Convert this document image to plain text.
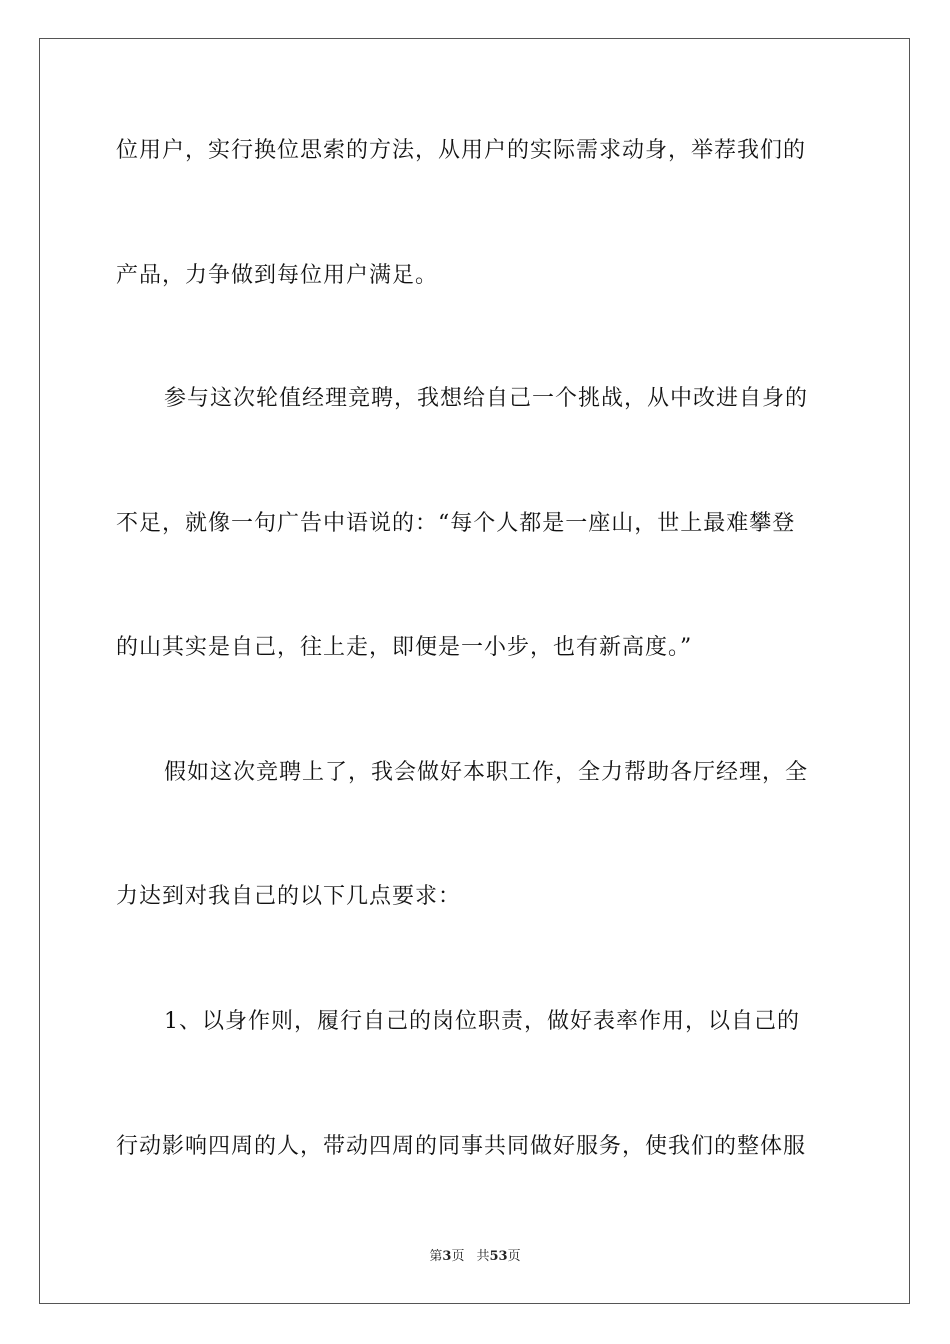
位用户，实行换位思索的方法，从用户的实际需求动身，举荐我们的
产品，力争做到每位用户满足。
参与这次轮值经理竞聘，我想给自己一个挑战，从中改进自身的
不足，就像一句广告中语说的：“每个人都是一座山，世上最难攀登
的山其实是自己，往上走，即便是一小步，也有新高度。”
假如这次竞聘上了，我会做好本职工作，全力帮助各厅经理，全
力达到对我自己的以下几点要求：
1、以身作则，履行自己的岗位职责，做好表率作用，以自己的
行动影响四周的人，带动四周的同事共同做好服务，使我们的整体服
第3页 共53页
